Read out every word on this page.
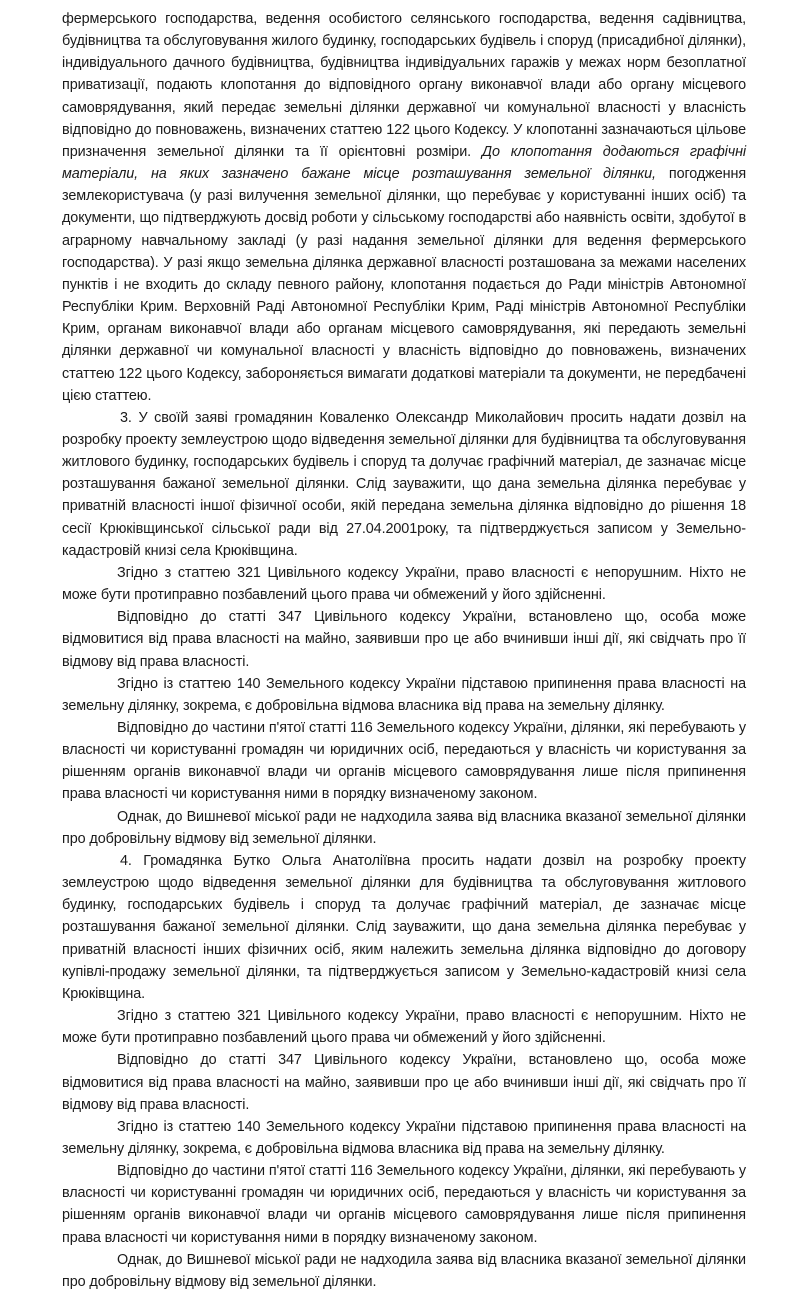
фермерського господарства, ведення особистого селянського господарства, ведення садівництва, будівництва та обслуговування жилого будинку, господарських будівель і споруд (присадибної ділянки), індивідуального дачного будівництва, будівництва індивідуальних гаражів у межах норм безоплатної приватизації, подають клопотання до відповідного органу виконавчої влади або органу місцевого самоврядування, який передає земельні ділянки державної чи комунальної власності у власність відповідно до повноважень, визначених статтею 122 цього Кодексу. У клопотанні зазначаються цільове призначення земельної ділянки та її орієнтовні розміри. До клопотання додаються графічні матеріали, на яких зазначено бажане місце розташування земельної ділянки, погодження землекористувача (у разі вилучення земельної ділянки, що перебуває у користуванні інших осіб) та документи, що підтверджують досвід роботи у сільському господарстві або наявність освіти, здобутої в аграрному навчальному закладі (у разі надання земельної ділянки для ведення фермерського господарства). У разі якщо земельна ділянка державної власності розташована за межами населених пунктів і не входить до складу певного району, клопотання подається до Ради міністрів Автономної Республіки Крим. Верховній Раді Автономної Республіки Крим, Раді міністрів Автономної Республіки Крим, органам виконавчої влади або органам місцевого самоврядування, які передають земельні ділянки державної чи комунальної власності у власність відповідно до повноважень, визначених статтею 122 цього Кодексу, забороняється вимагати додаткові матеріали та документи, не передбачені цією статтею.

3. У своїй заяві громадянин Коваленко Олександр Миколайович просить надати дозвіл на розробку проекту землеустрою щодо відведення земельної ділянки для будівництва та обслуговування житлового будинку, господарських будівель і споруд та долучає графічний матеріал, де зазначає місце розташування бажаної земельної ділянки. Слід зауважити, що дана земельна ділянка перебуває у приватній власності іншої фізичної особи, якій передана земельна ділянка відповідно до рішення 18 сесії Крюківщинської сільської ради від 27.04.2001року, та підтверджується записом у Земельно-кадастровій книзі села Крюківщина.

Згідно з статтею 321 Цивільного кодексу України, право власності є непорушним. Ніхто не може бути протиправно позбавлений цього права чи обмежений у його здійсненні.

Відповідно до статті 347 Цивільного кодексу України, встановлено що, особа може відмовитися від права власності на майно, заявивши про це або вчинивши інші дії, які свідчать про її відмову від права власності.

Згідно із статтею 140 Земельного кодексу України підставою припинення права власності на земельну ділянку, зокрема, є добровільна відмова власника від права на земельну ділянку.

Відповідно до частини п'ятої статті 116 Земельного кодексу України, ділянки, які перебувають у власності чи користуванні громадян чи юридичних осіб, передаються у власність чи користування за рішенням органів виконавчої влади чи органів місцевого самоврядування лише після припинення права власності чи користування ними в порядку визначеному законом.

Однак, до Вишневої міської ради не надходила заява від власника вказаної земельної ділянки про добровільну відмову від земельної ділянки.

4. Громадянка Бутко Ольга Анатоліївна просить надати дозвіл на розробку проекту землеустрою щодо відведення земельної ділянки для будівництва та обслуговування житлового будинку, господарських будівель і споруд та долучає графічний матеріал, де зазначає місце розташування бажаної земельної ділянки. Слід зауважити, що дана земельна ділянка перебуває у приватній власності інших фізичних осіб, яким належить земельна ділянка відповідно до договору купівлі-продажу земельної ділянки, та підтверджується записом у Земельно-кадастровій книзі села Крюківщина.

Згідно з статтею 321 Цивільного кодексу України, право власності є непорушним. Ніхто не може бути протиправно позбавлений цього права чи обмежений у його здійсненні.

Відповідно до статті 347 Цивільного кодексу України, встановлено що, особа може відмовитися від права власності на майно, заявивши про це або вчинивши інші дії, які свідчать про її відмову від права власності.

Згідно із статтею 140 Земельного кодексу України підставою припинення права власності на земельну ділянку, зокрема, є добровільна відмова власника від права на земельну ділянку.

Відповідно до частини п'ятої статті 116 Земельного кодексу України, ділянки, які перебувають у власності чи користуванні громадян чи юридичних осіб, передаються у власність чи користування за рішенням органів виконавчої влади чи органів місцевого самоврядування лише після припинення права власності чи користування ними в порядку визначеному законом.

Однак, до Вишневої міської ради не надходила заява від власника вказаної земельної ділянки про добровільну відмову від земельної ділянки.
